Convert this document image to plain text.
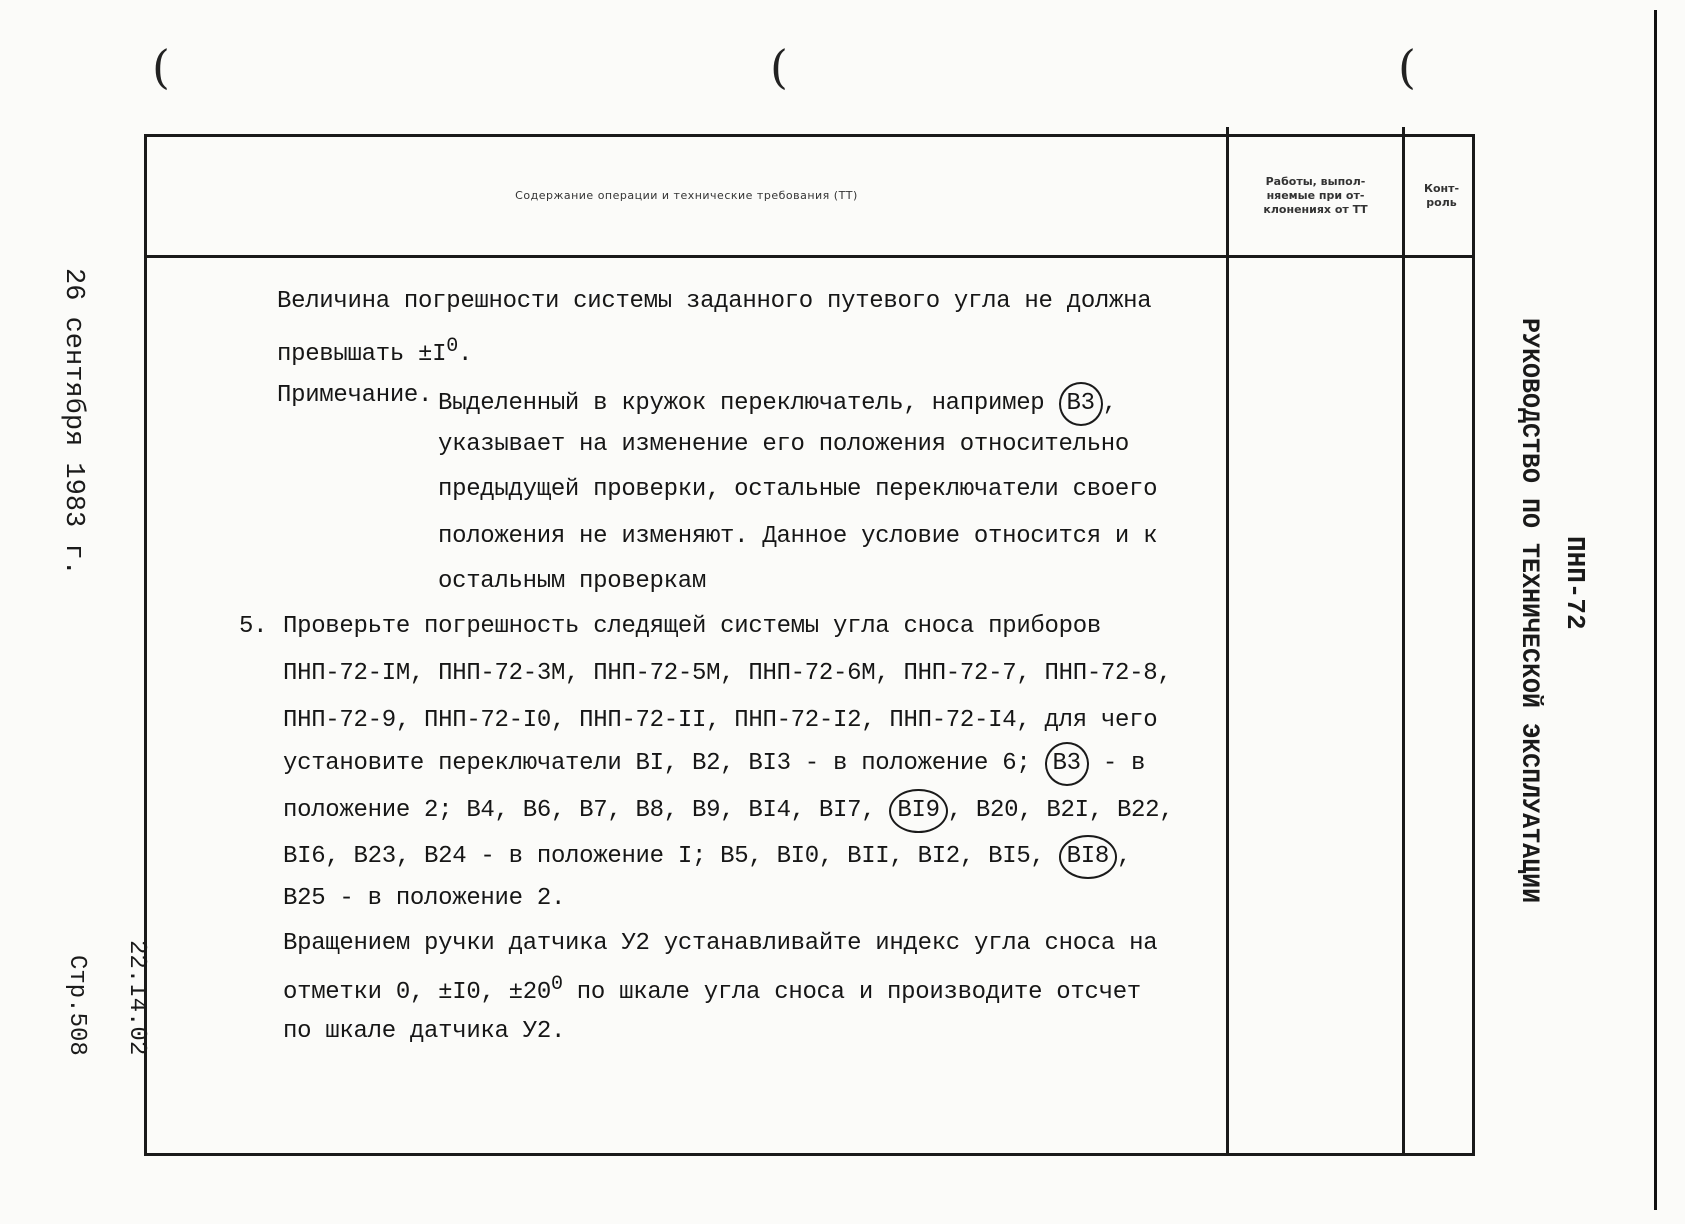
(	(	(
26 сентября 1983 г.
22.I4.02
Стр.508
ПНП-72
РУКОВОДСТВО ПО ТЕХНИЧЕСКОЙ ЭКСПЛУАТАЦИИ
Содержание операции и технические требования (ТТ)
Работы, выпол-
няемые при от-
клонениях от ТТ
Конт-
роль
Величина погрешности системы заданного путевого угла не должна
превышать $\pm I^0$.
Примечание. Выделенный в кружок переключатель, например В3 ,
указывает на изменение его положения относительно
предыдущей проверки, остальные переключатели своего
положения не изменяют. Данное условие относится и к
остальным проверкам
5. Проверьте погрешность следящей системы угла сноса приборов
ПНП-72-IМ, ПНП-72-3М, ПНП-72-5М, ПНП-72-6М, ПНП-72-7, ПНП-72-8,
ПНП-72-9, ПНП-72-I0, ПНП-72-II, ПНП-72-I2, ПНП-72-I4, для чего
установите переключатели ВI, В2, ВI3 - в положение 6; В3 - в
положение 2; В4, В6, В7, В8, В9, ВI4, ВI7, ВI9 , В20, В2I, В22,
ВI6, В23, В24 - в положение I; В5, ВI0, ВII, ВI2, ВI5, ВI8 ,
В25 - в положение 2.
Вращением ручки датчика У2 устанавливайте индекс угла сноса на
отметки 0, ±I0, $\pm 20^0$ по шкале угла сноса и производите отсчет
по шкале датчика У2.
